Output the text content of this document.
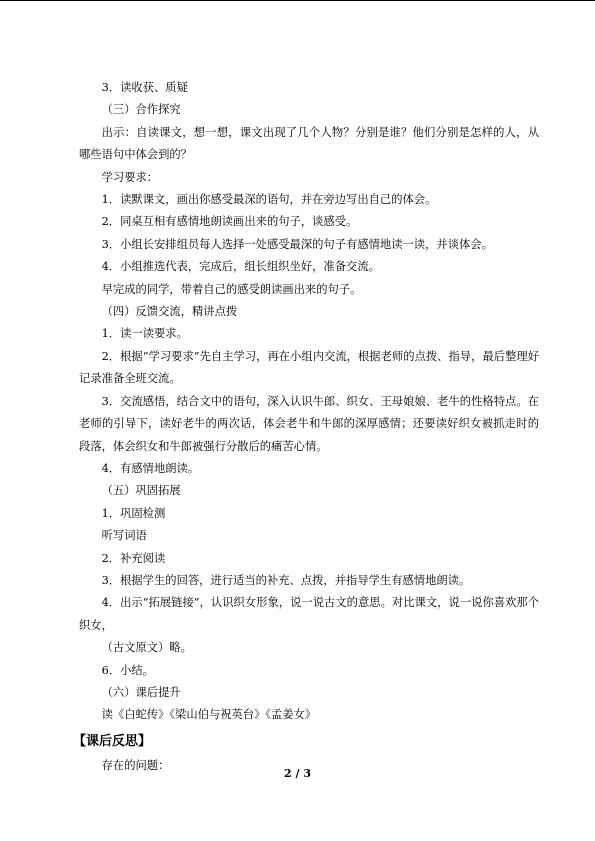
3．读收获、质疑

（三）合作探究

出示：自读课文，想一想，课文出现了几个人物？分别是谁？他们分别是怎样的人，从哪些语句中体会到的？

学习要求：

1．读默课文，画出你感受最深的语句，并在旁边写出自己的体会。

2．同桌互相有感情地朗读画出来的句子，谈感受。

3．小组长安排组员每人选择一处感受最深的句子有感情地读一读，并谈体会。

4．小组推选代表，完成后，组长组织坐好，准备交流。

早完成的同学，带着自己的感受朗读画出来的句子。

（四）反馈交流，精讲点拨

1．读一读要求。

2．根据“学习要求”先自主学习，再在小组内交流，根据老师的点拨、指导，最后整理好记录准备全班交流。

3．交流感悟，结合文中的语句，深入认识牛郎、织女、王母娘娘、老牛的性格特点。在老师的引导下，读好老牛的两次话，体会老牛和牛郎的深厚感情；还要读好织女被抓走时的段落，体会织女和牛郎被强行分散后的痛苦心情。

4．有感情地朗读。

（五）巩固拓展

1．巩固检测

听写词语

2．补充阅读

3．根据学生的回答，进行适当的补充、点拨，并指导学生有感情地朗读。

4．出示“拓展链接”，认识织女形象，说一说古文的意思。对比课文，说一说你喜欢那个织女，

（古文原文）略。

6．小结。

（六）课后提升

读《白蛇传》《梁山伯与祝英台》《孟姜女》

【课后反思】

存在的问题：

2 / 3
